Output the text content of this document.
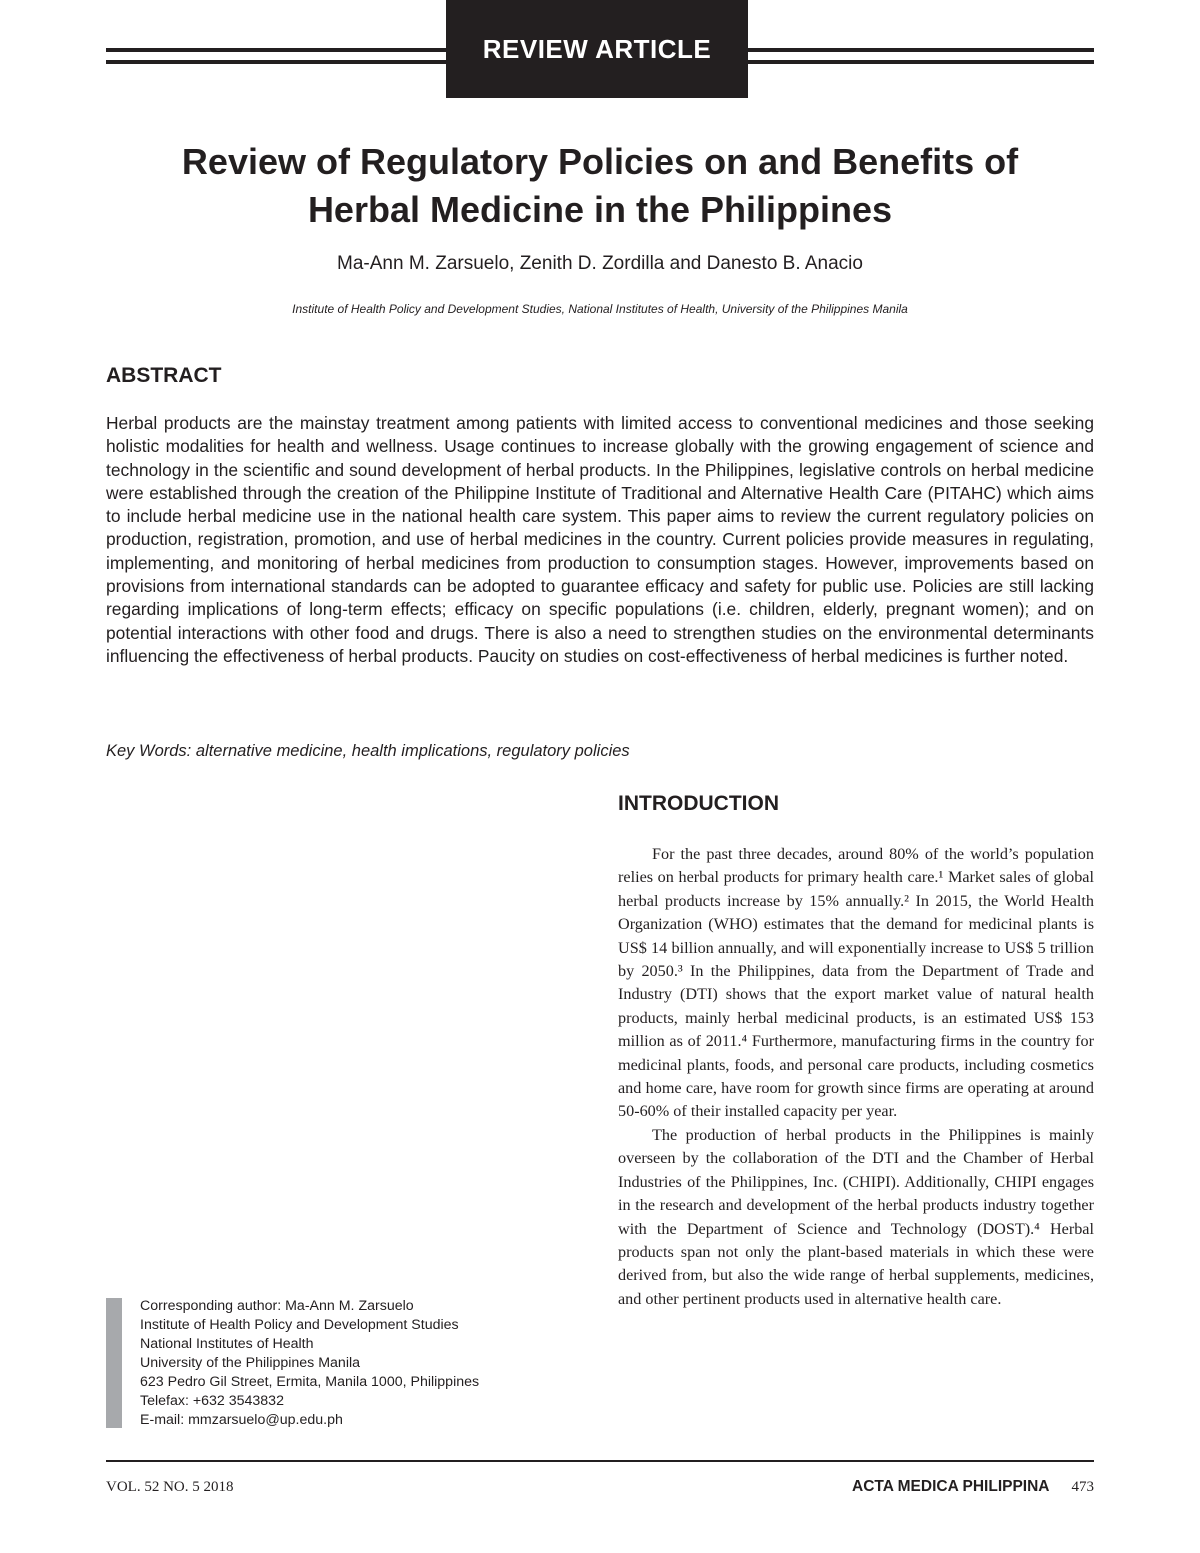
REVIEW ARTICLE
Review of Regulatory Policies on and Benefits of
Herbal Medicine in the Philippines
Ma-Ann M. Zarsuelo, Zenith D. Zordilla and Danesto B. Anacio
Institute of Health Policy and Development Studies, National Institutes of Health, University of the Philippines Manila
ABSTRACT
Herbal products are the mainstay treatment among patients with limited access to conventional medicines and those seeking holistic modalities for health and wellness. Usage continues to increase globally with the growing engagement of science and technology in the scientific and sound development of herbal products. In the Philippines, legislative controls on herbal medicine were established through the creation of the Philippine Institute of Traditional and Alternative Health Care (PITAHC) which aims to include herbal medicine use in the national health care system. This paper aims to review the current regulatory policies on production, registration, promotion, and use of herbal medicines in the country. Current policies provide measures in regulating, implementing, and monitoring of herbal medicines from production to consumption stages. However, improvements based on provisions from international standards can be adopted to guarantee efficacy and safety for public use. Policies are still lacking regarding implications of long-term effects; efficacy on specific populations (i.e. children, elderly, pregnant women); and on potential interactions with other food and drugs. There is also a need to strengthen studies on the environmental determinants influencing the effectiveness of herbal products. Paucity on studies on cost-effectiveness of herbal medicines is further noted.
Key Words: alternative medicine, health implications, regulatory policies
INTRODUCTION

For the past three decades, around 80% of the world’s population relies on herbal products for primary health care.¹ Market sales of global herbal products increase by 15% annually.² In 2015, the World Health Organization (WHO) estimates that the demand for medicinal plants is US$ 14 billion annually, and will exponentially increase to US$ 5 trillion by 2050.³ In the Philippines, data from the Department of Trade and Industry (DTI) shows that the export market value of natural health products, mainly herbal medicinal products, is an estimated US$ 153 million as of 2011.⁴ Furthermore, manufacturing firms in the country for medicinal plants, foods, and personal care products, including cosmetics and home care, have room for growth since firms are operating at around 50-60% of their installed capacity per year.

The production of herbal products in the Philippines is mainly overseen by the collaboration of the DTI and the Chamber of Herbal Industries of the Philippines, Inc. (CHIPI). Additionally, CHIPI engages in the research and development of the herbal products industry together with the Department of Science and Technology (DOST).⁴ Herbal products span not only the plant-based materials in which these were derived from, but also the wide range of herbal supplements, medicines, and other pertinent products used in alternative health care.

Corresponding author: Ma-Ann M. Zarsuelo
Institute of Health Policy and Development Studies
National Institutes of Health
University of the Philippines Manila
623 Pedro Gil Street, Ermita, Manila 1000, Philippines
Telefax: +632 3543832
E-mail: mmzarsuelo@up.edu.ph
VOL. 52 NO. 5 2018	ACTA MEDICA PHILIPPINA 473
